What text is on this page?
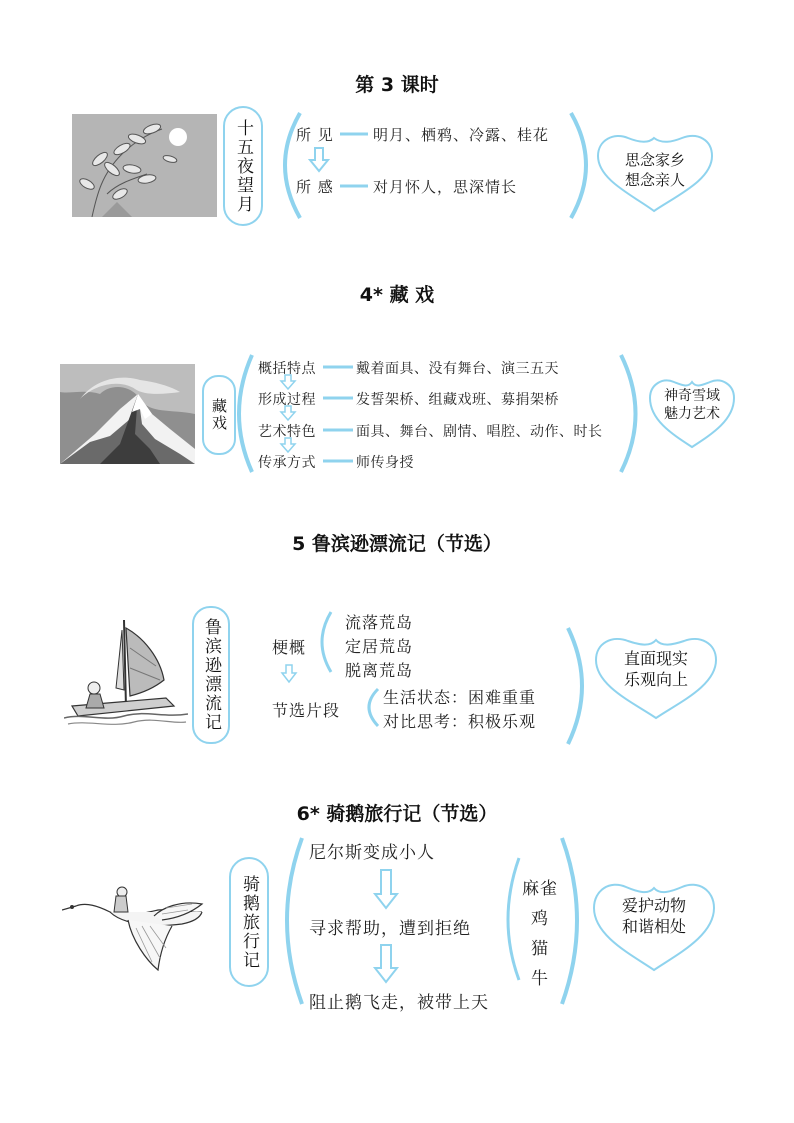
第 3 课时
十五夜望月	所 见	明月、栖鸦、冷露、桂花
所 感	对月怀人，思深情长
思念家乡
想念亲人
4* 藏 戏
藏戏
概括特点	戴着面具、没有舞台、演三五天
形成过程	发誓架桥、组藏戏班、募捐架桥
艺术特色	面具、舞台、剧情、唱腔、动作、时长
传承方式	师传身授
神奇雪域
魅力艺术
5 鲁滨逊漂流记（节选）
鲁滨逊漂流记	梗概
流落荒岛
定居荒岛
脱离荒岛
节选片段
生活状态：困难重重
对比思考：积极乐观
直面现实
乐观向上
6* 骑鹅旅行记（节选）
骑鹅旅行记
尼尔斯变成小人
寻求帮助，遭到拒绝
阻止鹅飞走，被带上天
麻雀
鸡
猫
牛
爱护动物
和谐相处
